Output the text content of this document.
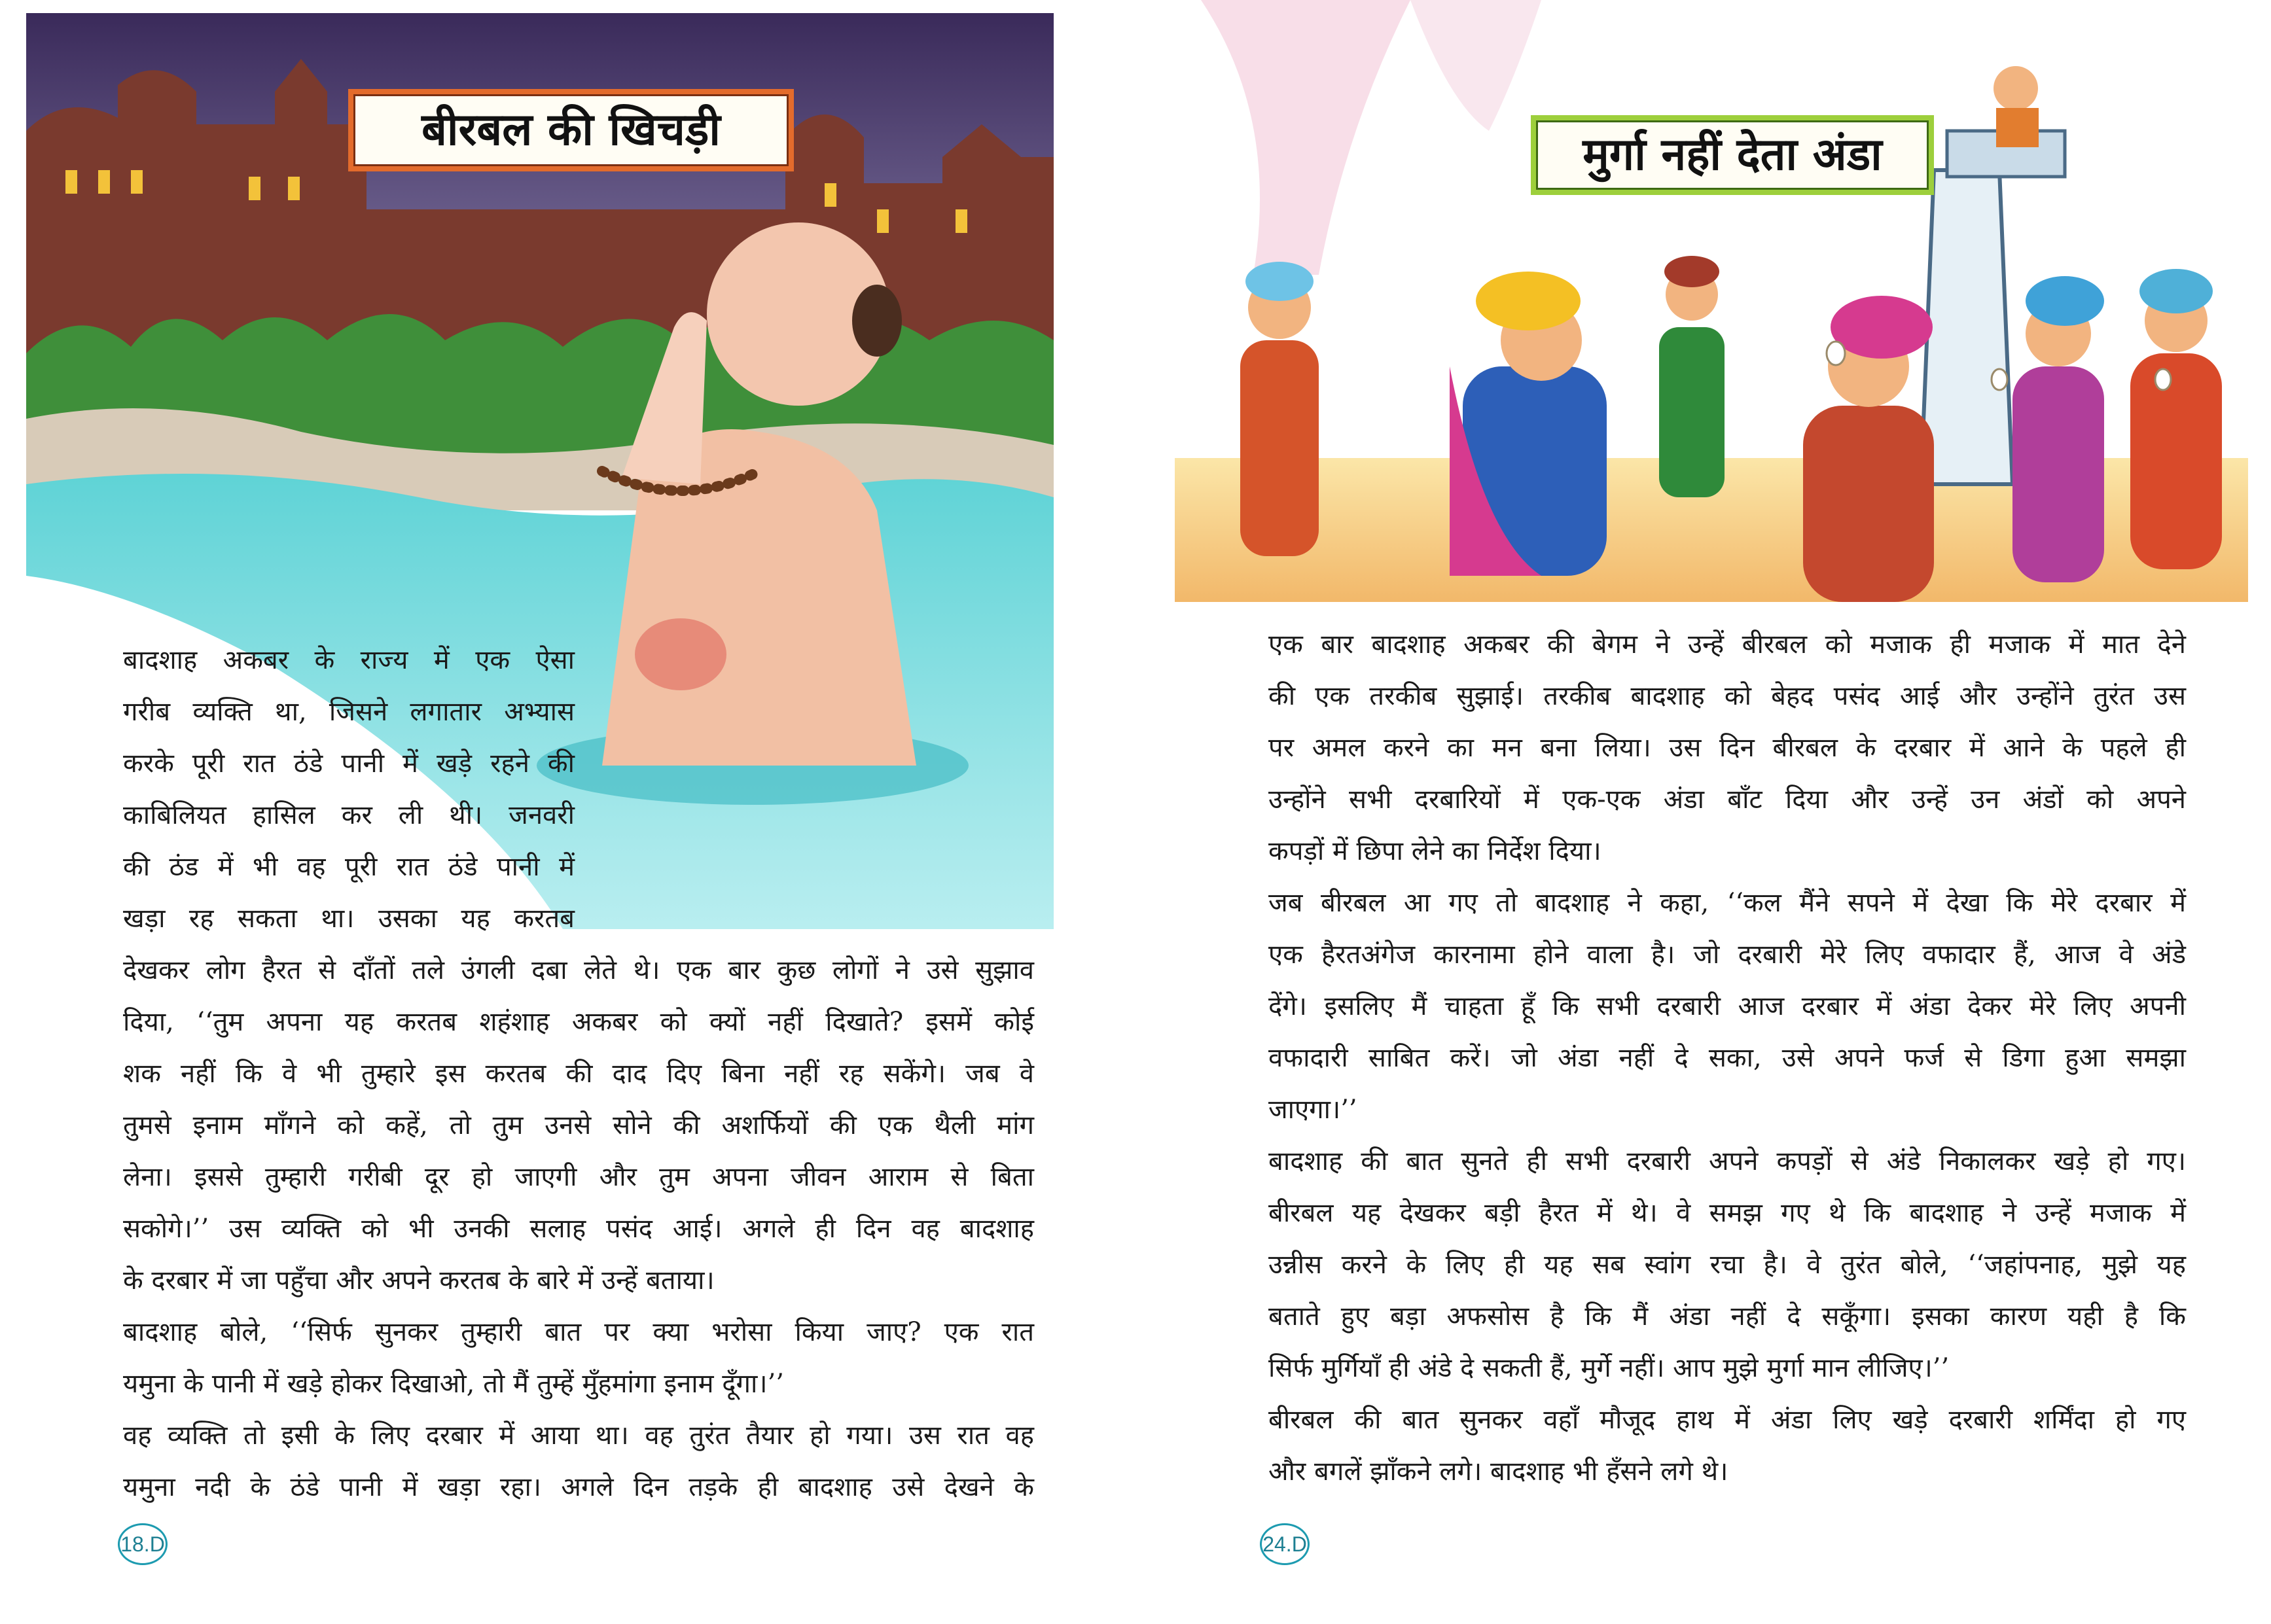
बीरबल की खिचड़ी

बादशाह अकबर के राज्य में एक ऐसा

गरीब व्यक्ति था, जिसने लगातार अभ्यास

करके पूरी रात ठंडे पानी में खड़े रहने की

काबिलियत हासिल कर ली थी। जनवरी

की ठंड में भी वह पूरी रात ठंडे पानी में

खड़ा रह सकता था। उसका यह करतब

देखकर लोग हैरत से दाँतों तले उंगली दबा लेते थे। एक बार कुछ लोगों ने उसे सुझाव

दिया, ‘‘तुम अपना यह करतब शहंशाह अकबर को क्यों नहीं दिखाते? इसमें कोई

शक नहीं कि वे भी तुम्हारे इस करतब की दाद दिए बिना नहीं रह सकेंगे। जब वे

तुमसे इनाम माँगने को कहें, तो तुम उनसे सोने की अशर्फियों की एक थैली मांग

लेना। इससे तुम्हारी गरीबी दूर हो जाएगी और तुम अपना जीवन आराम से बिता

सकोगे।’’ उस व्यक्ति को भी उनकी सलाह पसंद आई। अगले ही दिन वह बादशाह

के दरबार में जा पहुँचा और अपने करतब के बारे में उन्हें बताया।

बादशाह बोले, ‘‘सिर्फ सुनकर तुम्हारी बात पर क्या भरोसा किया जाए? एक रात

यमुना के पानी में खड़े होकर दिखाओ, तो मैं तुम्हें मुँहमांगा इनाम दूँगा।’’

वह व्यक्ति तो इसी के लिए दरबार में आया था। वह तुरंत तैयार हो गया। उस रात वह

यमुना नदी के ठंडे पानी में खड़ा रहा। अगले दिन तड़के ही बादशाह उसे देखने के

18.D
मुर्गा नहीं देता अंडा

एक बार बादशाह अकबर की बेगम ने उन्हें बीरबल को मजाक ही मजाक में मात देने

की एक तरकीब सुझाई। तरकीब बादशाह को बेहद पसंद आई और उन्होंने तुरंत उस

पर अमल करने का मन बना लिया। उस दिन बीरबल के दरबार में आने के पहले ही

उन्होंने सभी दरबारियों में एक-एक अंडा बाँट दिया और उन्हें उन अंडों को अपने

कपड़ों में छिपा लेने का निर्देश दिया।

जब बीरबल आ गए तो बादशाह ने कहा, ‘‘कल मैंने सपने में देखा कि मेरे दरबार में

एक हैरतअंगेज कारनामा होने वाला है। जो दरबारी मेरे लिए वफादार हैं, आज वे अंडे

देंगे। इसलिए मैं चाहता हूँ कि सभी दरबारी आज दरबार में अंडा देकर मेरे लिए अपनी

वफादारी साबित करें। जो अंडा नहीं दे सका, उसे अपने फर्ज से डिगा हुआ समझा

जाएगा।’’

बादशाह की बात सुनते ही सभी दरबारी अपने कपड़ों से अंडे निकालकर खड़े हो गए।

बीरबल यह देखकर बड़ी हैरत में थे। वे समझ गए थे कि बादशाह ने उन्हें मजाक में

उन्नीस करने के लिए ही यह सब स्वांग रचा है। वे तुरंत बोले, ‘‘जहांपनाह, मुझे यह

बताते हुए बड़ा अफसोस है कि मैं अंडा नहीं दे सकूँगा। इसका कारण यही है कि

सिर्फ मुर्गियाँ ही अंडे दे सकती हैं, मुर्गे नहीं। आप मुझे मुर्गा मान लीजिए।’’

बीरबल की बात सुनकर वहाँ मौजूद हाथ में अंडा लिए खड़े दरबारी शर्मिंदा हो गए

और बगलें झाँकने लगे। बादशाह भी हँसने लगे थे।

24.D
